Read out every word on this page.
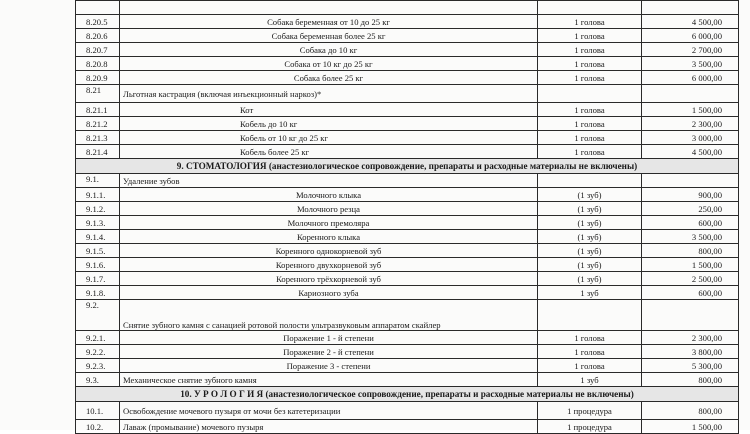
8.20.5	Собака беременная от 10 до 25 кг	1 голова	4 500,00
8.20.6	Собака беременная более 25 кг	1 голова	6 000,00
8.20.7	Собака до 10 кг	1 голова	2 700,00
8.20.8	Собака от 10 кг до 25 кг	1 голова	3 500,00
8.20.9	Собака более 25 кг	1 голова	6 000,00
8.21	Льготная кастрация (включая инъекционный наркоз)*		
8.21.1	Кот	1 голова	1 500,00
8.21.2	Кобель до 10 кг	1 голова	2 300,00
8.21.3	Кобель от 10 кг до 25 кг	1 голова	3 000,00
8.21.4	Кобель более 25 кг	1 голова	4 500,00
9. СТОМАТОЛОГИЯ (анастезиологическое сопровождение, препараты и расходные материалы не включены)			
9.1.	Удаление зубов		
9.1.1.	Молочного клыка	(1 зуб)	900,00
9.1.2.	Молочного резца	(1 зуб)	250,00
9.1.3.	Молочного премоляра	(1 зуб)	600,00
9.1.4.	Коренного клыка	(1 зуб)	3 500,00
9.1.5.	Коренного однокорневой зуб	(1 зуб)	800,00
9.1.6.	Коренного двухкорневой зуб	(1 зуб)	1 500,00
9.1.7.	Коренного трёхкорневой зуб	(1 зуб)	2 500,00
9.1.8.	Кариозного зуба	1 зуб	600,00
9.2.	Снятие зубного камня с санацией ротовой полости ультразвуковым аппаратом скайлер		
9.2.1.	Поражение 1 - й степени	1 голова	2 300,00
9.2.2.	Поражение 2 - й степени	1 голова	3 800,00
9.2.3.	Поражение 3 - степени	1 голова	5 300,00
9.3.	Механическое снятие зубного камня	1 зуб	800,00
10. У Р О Л О Г И Я (анастезиологическое сопровождение, препараты и расходные материалы не включены)			
10.1.	Освобождение мочевого пузыря от мочи без катетеризации	1 процедура	800,00
10.2.	Лаваж (промывание) мочевого пузыря	1 процедура	1 500,00
